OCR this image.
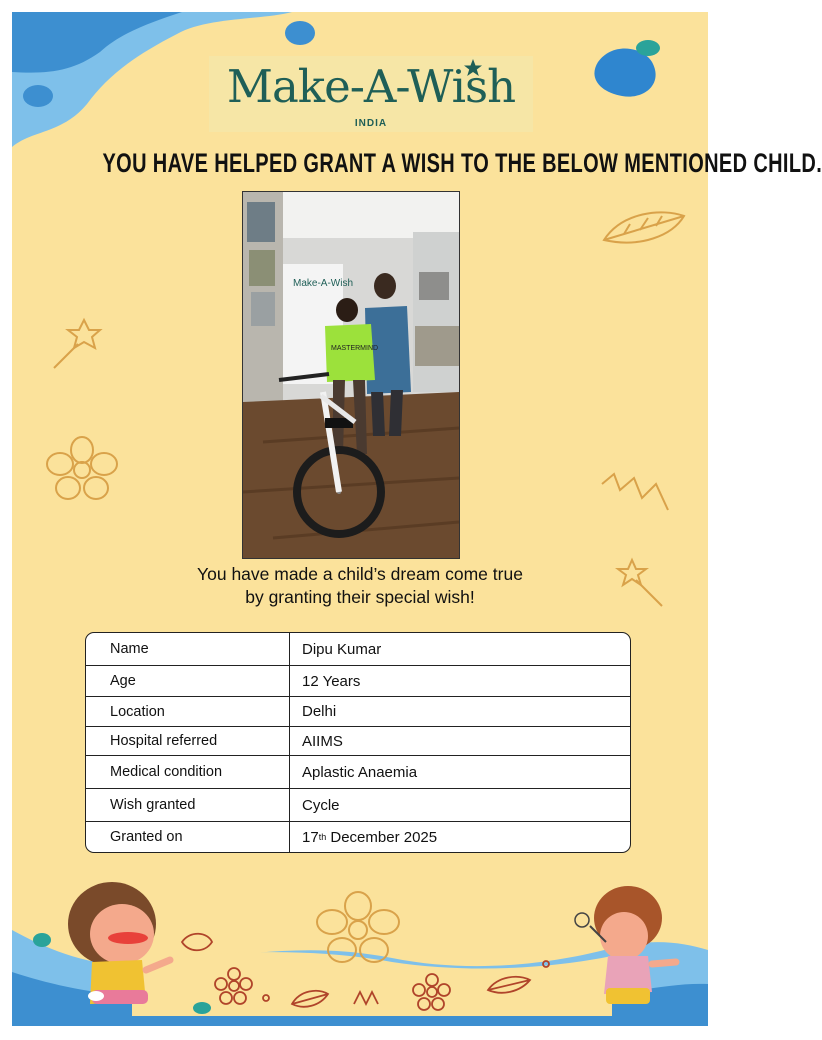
Make-A-Wish
INDIA
YOU HAVE HELPED GRANT A WISH TO THE BELOW MENTIONED CHILD.
Make-A-Wish
MASTERMIND
You have made a child’s dream come true
by granting their special wish!
Name	Dipu Kumar
Age	12 Years
Location	Delhi
Hospital referred	AIIMS
Medical condition	Aplastic Anaemia
Wish granted	Cycle
Granted on	17 th December 2025
